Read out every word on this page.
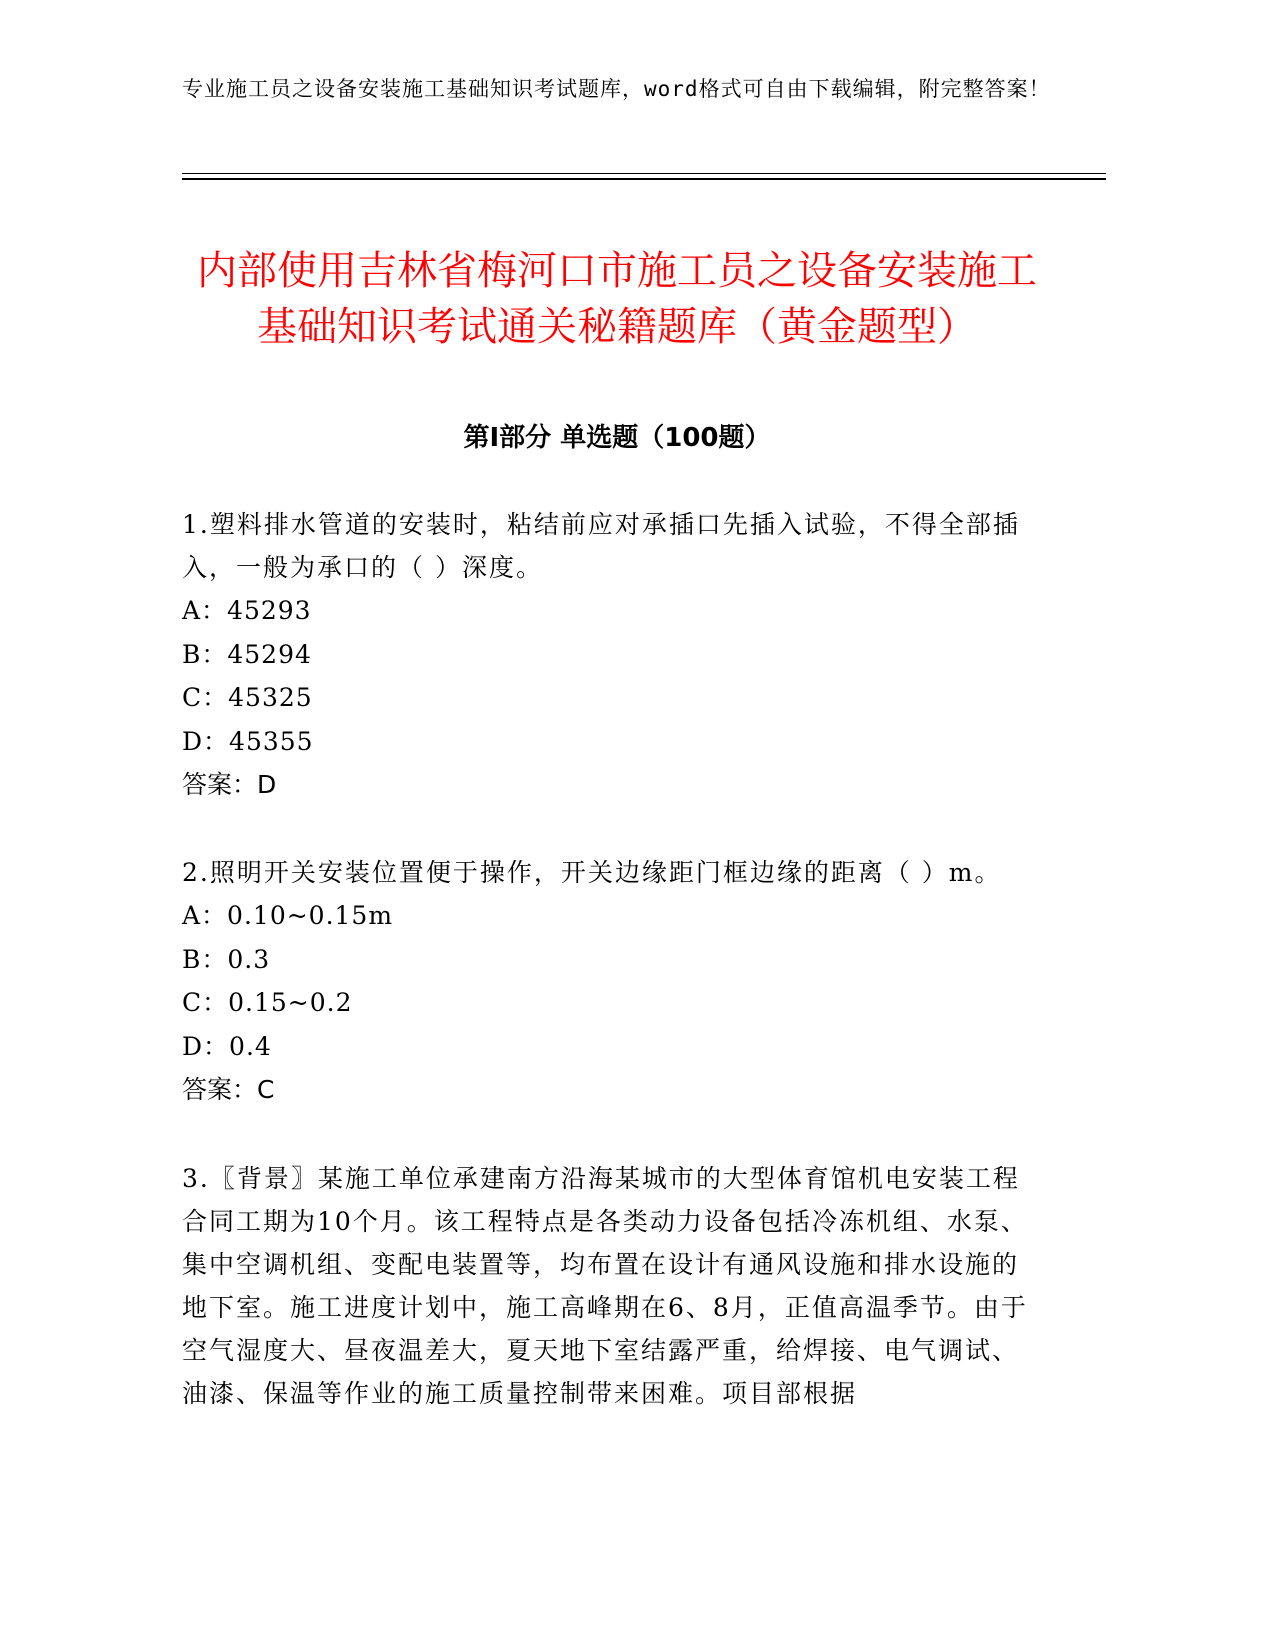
专业施工员之设备安装施工基础知识考试题库，word格式可自由下载编辑，附完整答案！
内部使用吉林省梅河口市施工员之设备安装施工基础知识考试通关秘籍题库（黄金题型）
第Ⅰ部分 单选题（100题）

1.塑料排水管道的安装时，粘结前应对承插口先插入试验，不得全部插入，一般为承口的（ ）深度。

A：45293

B：45294

C：45325

D：45355

答案：D

2.照明开关安装位置便于操作，开关边缘距门框边缘的距离（ ）m。

A：0.10~0.15m

B：0.3

C：0.15~0.2

D：0.4

答案：C

3.〖背景〗某施工单位承建南方沿海某城市的大型体育馆机电安装工程合同工期为10个月。该工程特点是各类动力设备包括冷冻机组、水泵、集中空调机组、变配电装置等，均布置在设计有通风设施和排水设施的地下室。施工进度计划中，施工高峰期在6、8月，正值高温季节。由于空气湿度大、昼夜温差大，夏天地下室结露严重，给焊接、电气调试、油漆、保温等作业的施工质量控制带来困难。项目部根据
